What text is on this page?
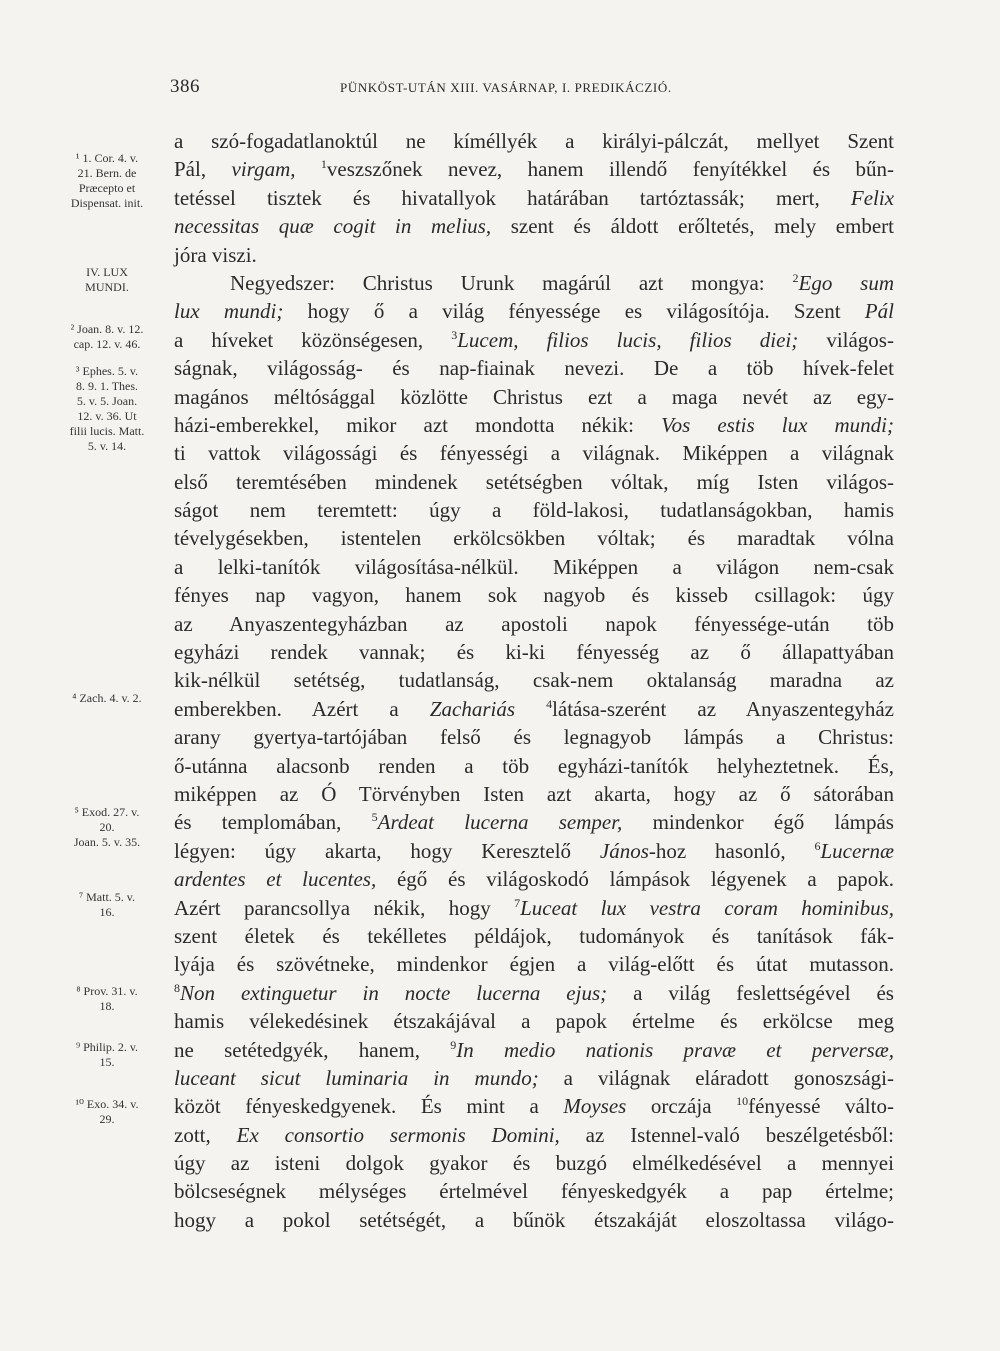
386	PÜNKÖST-UTÁN XIII. VASÁRNAP, I. PREDIKÁCZIÓ.
a szó-fogadatlanoktúl ne kíméllyék a királyi-pálczát, mellyet Szent
Pál, virgam, $^1$veszszőnek nevez, hanem illendő fenyítékkel és bűn-
tetéssel tisztek és hivatallyok határában tartóztassák; mert, Felix
necessitas quæ cogit in melius, szent és áldott erőltetés, mely embert
jóra viszi.
Negyedszer: Christus Urunk magárúl azt mongya: $^2$Ego sum
lux mundi; hogy ő a világ fényessége es világosítója. Szent Pál
a híveket közönségesen, $^3$Lucem, filios lucis, filios diei; világos-
ságnak, világosság- és nap-fiainak nevezi. De a töb hívek-felet
magános méltósággal közlötte Christus ezt a maga nevét az egy-
házi-emberekkel, mikor azt mondotta nékik: Vos estis lux mundi;
ti vattok világossági és fényességi a világnak. Miképpen a világnak
első teremtésében mindenek setétségben vóltak, míg Isten világos-
ságot nem teremtett: úgy a föld-lakosi, tudatlanságokban, hamis
tévelygésekben, istentelen erkölcsökben vóltak; és maradtak vólna
a lelki-tanítók világosítása-nélkül. Miképpen a világon nem-csak
fényes nap vagyon, hanem sok nagyob és kisseb csillagok: úgy
az Anyaszentegyházban az apostoli napok fényessége-után töb
egyházi rendek vannak; és ki-ki fényesség az ő állapattyában
kik-nélkül setétség, tudatlanság, csak-nem oktalanság maradna az
emberekben. Azért a Zachariás	$^4$látása-szerént az Anyaszentegyház
arany gyertya-tartójában felső és legnagyob lámpás a Christus:
ő-utánna alacsonb renden a töb egyházi-tanítók helyheztetnek. És,
miképpen az Ó Törvényben Isten azt akarta, hogy az ő sátorában
és templomában, $^5$Ardeat lucerna semper, mindenkor égő lámpás
légyen: úgy akarta, hogy Keresztelő János-hoz hasonló, $^6$Lucernæ
ardentes et lucentes, égő és világoskodó lámpások légyenek a papok.
Azért parancsollya nékik, hogy $^7$Luceat lux vestra coram hominibus,
szent életek és tekélletes példájok, tudományok és tanítások fák-
lyája és szövétneke, mindenkor égjen a világ-előtt és útat mutasson.
$^8$Non extinguetur in nocte lucerna ejus; a világ feslettségével és
hamis vélekedésinek étszakájával a papok értelme és erkölcse meg
ne setétedgyék, hanem, $^9$In medio nationis pravæ et perversæ,
luceant sicut luminaria in mundo; a világnak eláradott gonoszsági-
közöt fényeskedgyenek. És mint a Moyses orczája $^{10}$fényessé válto-
zott, Ex consortio sermonis Domini, az Istennel-való beszélgetésből:
úgy az isteni dolgok gyakor és buzgó elmélkedésével a mennyei
bölcseségnek mélységes értelmével fényeskedgyék a pap értelme;
hogy a pokol setétségét, a bűnök étszakáját eloszoltassa világo-
¹ 1. Cor. 4. v.
21. Bern. de
Præcepto et
Dispensat. init.
IV. LUX
MUNDI.
² Joan. 8. v. 12.
cap. 12. v. 46.
³ Ephes. 5. v.
8. 9. 1. Thes.
5. v. 5. Joan.
12. v. 36. Ut
filii lucis. Matt.
5. v. 14.
⁴ Zach. 4. v. 2.
⁵ Exod. 27. v.
20.
Joan. 5. v. 35.
⁷ Matt. 5. v.
16.
⁸ Prov. 31. v.
18.
⁹ Philip. 2. v.
15.
¹⁰ Exo. 34. v.
29.
